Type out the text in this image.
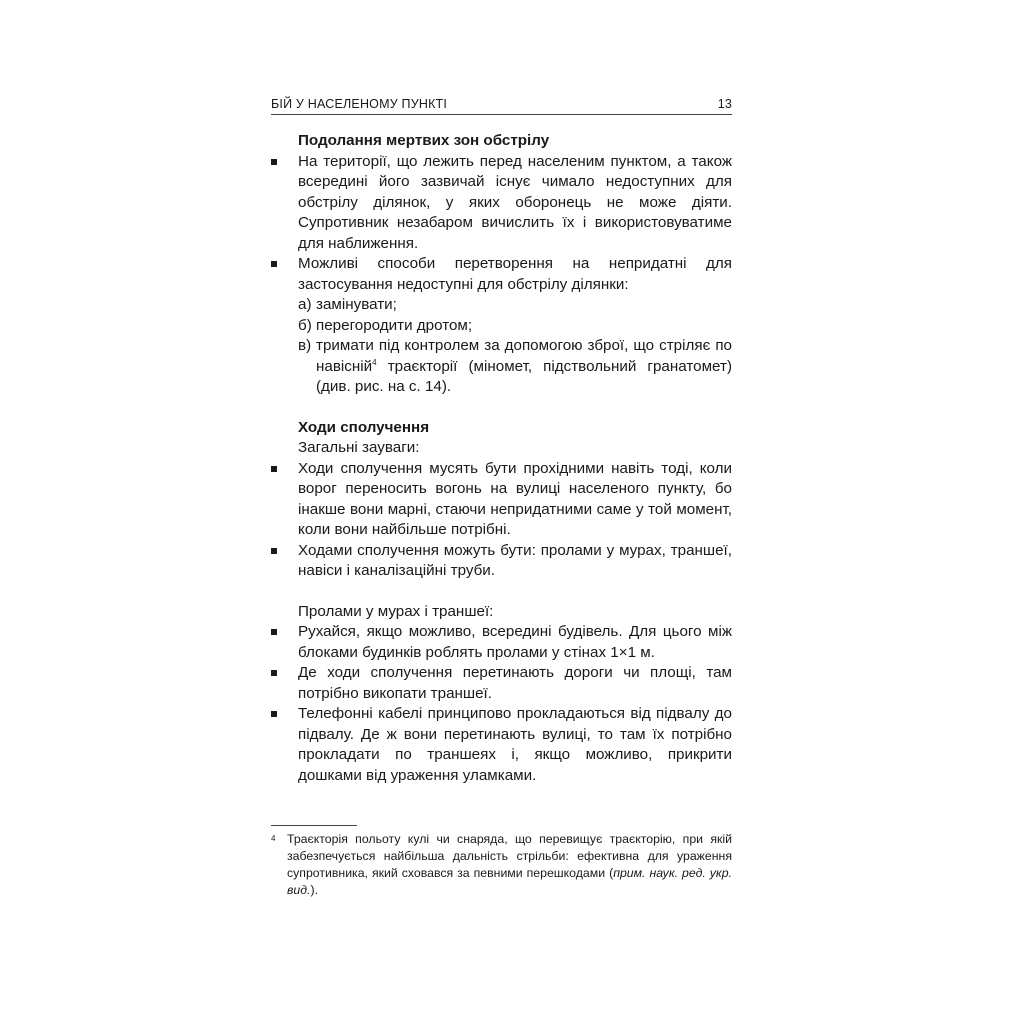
БІЙ У НАСЕЛЕНОМУ ПУНКТІ	13

Подолання мертвих зон обстрілу

На території, що лежить перед населеним пунктом, а також всередині його зазвичай існує чимало недоступних для обстрілу ділянок, у яких оборонець не може діяти. Супротивник незабаром вичислить їх і використовуватиме для наближення.
Можливі способи перетворення на непридатні для застосування недоступні для обстрілу ділянки:
а) замінувати;
б) перегородити дротом;
в) тримати під контролем за допомогою зброї, що стріляє по навісній$^4$ траєкторії (міномет, підствольний гранатомет) (див. рис. на с. 14).

Ходи сполучення

Загальні зауваги:
Ходи сполучення мусять бути прохідними навіть тоді, коли ворог переносить вогонь на вулиці населеного пункту, бо інакше вони марні, стаючи непридатними саме у той момент, коли вони найбільше потрібні.
Ходами сполучення можуть бути: пролами у мурах, траншеї, навіси і каналізаційні труби.
Пролами у мурах і траншеї:
Рухайся, якщо можливо, всередині будівель. Для цього між блоками будинків роблять пролами у стінах 1×1 м.
Де ходи сполучення перетинають дороги чи площі, там потрібно викопати траншеї.
Телефонні кабелі принципово прокладаються від підвалу до підвалу. Де ж вони перетинають вулиці, то там їх потрібно прокладати по траншеях і, якщо можливо, прикрити дошками від ураження уламками.
4 Траєкторія польоту кулі чи снаряда, що перевищує траєкторію, при якій забезпечується найбільша дальність стрільби: ефективна для ураження супротивника, який сховався за певними перешкодами (прим. наук. ред. укр. вид.).
